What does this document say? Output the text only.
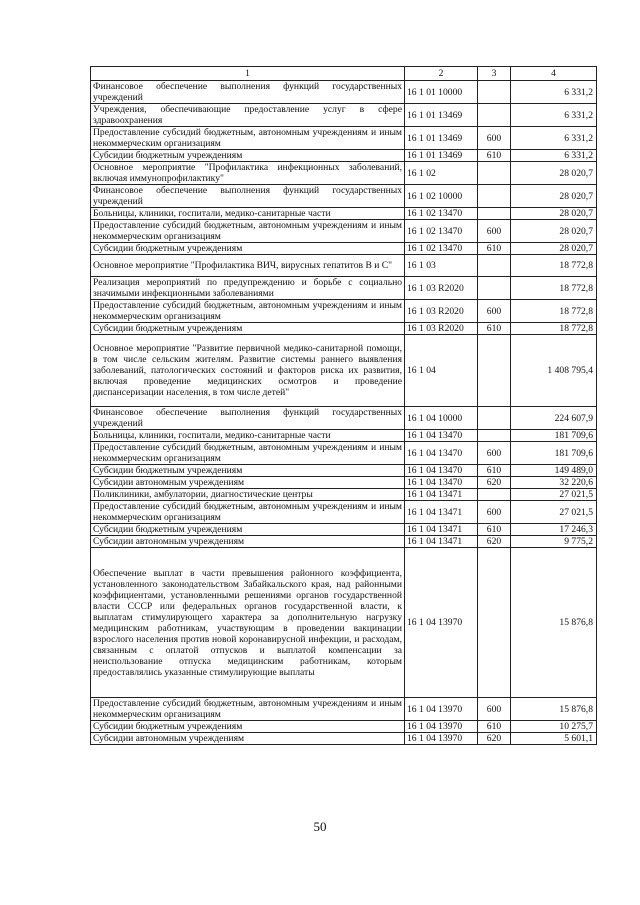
1	2	3	4
Финансовое обеспечение выполнения функций государственных учреждений	16 1 01 10000		6 331,2
Учреждения, обеспечивающие предоставление услуг в сфере здравоохранения	16 1 01 13469		6 331,2
Предоставление субсидий бюджетным, автономным учреждениям и иным некоммерческим организациям	16 1 01 13469	600	6 331,2
Субсидии бюджетным учреждениям	16 1 01 13469	610	6 331,2
Основное мероприятие "Профилактика инфекционных заболеваний, включая иммунопрофилактику"	16 1 02		28 020,7
Финансовое обеспечение выполнения функций государственных учреждений	16 1 02 10000		28 020,7
Больницы, клиники, госпитали, медико-санитарные части	16 1 02 13470		28 020,7
Предоставление субсидий бюджетным, автономным учреждениям и иным некоммерческим организациям	16 1 02 13470	600	28 020,7
Субсидии бюджетным учреждениям	16 1 02 13470	610	28 020,7
Основное мероприятие "Профилактика ВИЧ, вирусных гепатитов В и С"	16 1 03		18 772,8
Реализация мероприятий по предупреждению и борьбе с социально значимыми инфекционными заболеваниями	16 1 03 R2020		18 772,8
Предоставление субсидий бюджетным, автономным учреждениям и иным некоммерческим организациям	16 1 03 R2020	600	18 772,8
Субсидии бюджетным учреждениям	16 1 03 R2020	610	18 772,8
Основное мероприятие "Развитие первичной медико-санитарной помощи, в том числе сельским жителям. Развитие системы раннего выявления заболеваний, патологических состояний и факторов риска их развития, включая проведение медицинских осмотров и проведение диспансеризации населения, в том числе детей"	16 1 04		1 408 795,4
Финансовое обеспечение выполнения функций государственных учреждений	16 1 04 10000		224 607,9
Больницы, клиники, госпитали, медико-санитарные части	16 1 04 13470		181 709,6
Предоставление субсидий бюджетным, автономным учреждениям и иным некоммерческим организациям	16 1 04 13470	600	181 709,6
Субсидии бюджетным учреждениям	16 1 04 13470	610	149 489,0
Субсидии автономным учреждениям	16 1 04 13470	620	32 220,6
Поликлиники, амбулатории, диагностические центры	16 1 04 13471		27 021,5
Предоставление субсидий бюджетным, автономным учреждениям и иным некоммерческим организациям	16 1 04 13471	600	27 021,5
Субсидии бюджетным учреждениям	16 1 04 13471	610	17 246,3
Субсидии автономным учреждениям	16 1 04 13471	620	9 775,2
Обеспечение выплат в части превышения районного коэффициента, установленного законодательством Забайкальского края, над районными коэффициентами, установленными решениями органов государственной власти СССР или федеральных органов государственной власти, к выплатам стимулирующего характера за дополнительную нагрузку медицинским работникам, участвующим в проведении вакцинации взрослого населения против новой коронавирусной инфекции, и расходам, связанным с оплатой отпусков и выплатой компенсации за неиспользование отпуска медицинским работникам, которым предоставлялись указанные стимулирующие выплаты	16 1 04 13970		15 876,8
Предоставление субсидий бюджетным, автономным учреждениям и иным некоммерческим организациям	16 1 04 13970	600	15 876,8
Субсидии бюджетным учреждениям	16 1 04 13970	610	10 275,7
Субсидии автономным учреждениям	16 1 04 13970	620	5 601,1
50
